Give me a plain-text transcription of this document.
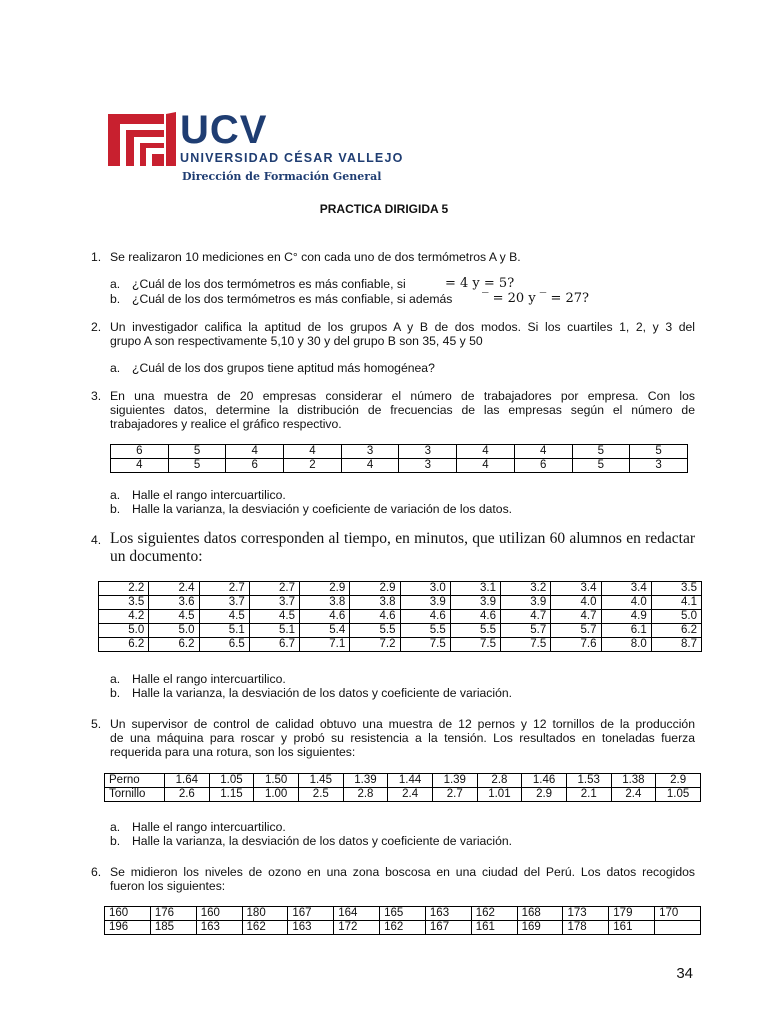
UCV
UNIVERSIDAD CÉSAR VALLEJO
Dirección de Formación General
PRACTICA DIRIGIDA 5
1. Se realizaron 10 mediciones en C° con cada uno de dos termómetros A y B.
a. ¿Cuál de los dos termómetros es más confiable, si	= 4 y = 5?
b. ¿Cuál de los dos termómetros es más confiable, si además ‾ = 20 y ‾ = 27?
2. Un investigador califica la aptitud de los grupos A y B de dos modos. Si los cuartiles 1, 2, y 3 del
grupo A son respectivamente 5,10 y 30 y del grupo B son 35, 45 y 50
a. ¿Cuál de los dos grupos tiene aptitud más homogénea?
3. En una muestra de 20 empresas considerar el número de trabajadores por empresa. Con los
siguientes datos, determine la distribución de frecuencias de las empresas según el número de
trabajadores y realice el gráfico respectivo.
6	5	4	4	3	3	4	4	5	5
4	5	6	2	4	3	4	6	5	3
a. Halle el rango intercuartilico.
b. Halle la varianza, la desviación y coeficiente de variación de los datos.
4. Los siguientes datos corresponden al tiempo, en minutos, que utilizan 60 alumnos en redactar
un documento:
2.2	2.4	2.7	2.7	2.9	2.9	3.0	3.1	3.2	3.4	3.4	3.5
3.5	3.6	3.7	3.7	3.8	3.8	3.9	3.9	3.9	4.0	4.0	4.1
4.2	4.5	4.5	4.5	4.6	4.6	4.6	4.6	4.7	4.7	4.9	5.0
5.0	5.0	5.1	5.1	5.4	5.5	5.5	5.5	5.7	5.7	6.1	6.2
6.2	6.2	6.5	6.7	7.1	7.2	7.5	7.5	7.5	7.6	8.0	8.7
a. Halle el rango intercuartilico.
b. Halle la varianza, la desviación de los datos y coeficiente de variación.
5. Un supervisor de control de calidad obtuvo una muestra de 12 pernos y 12 tornillos de la producción
de una máquina para roscar y probó su resistencia a la tensión. Los resultados en toneladas fuerza
requerida para una rotura, son los siguientes:
Perno	1.64	1.05	1.50	1.45	1.39	1.44	1.39	2.8	1.46	1.53	1.38	2.9
Tornillo	2.6	1.15	1.00	2.5	2.8	2.4	2.7	1.01	2.9	2.1	2.4	1.05
a. Halle el rango intercuartilico.
b. Halle la varianza, la desviación de los datos y coeficiente de variación.
6. Se midieron los niveles de ozono en una zona boscosa en una ciudad del Perú. Los datos recogidos
fueron los siguientes:
160	176	160	180	167	164	165	163	162	168	173	179	170
196	185	163	162	163	172	162	167	161	169	178	161	
34
